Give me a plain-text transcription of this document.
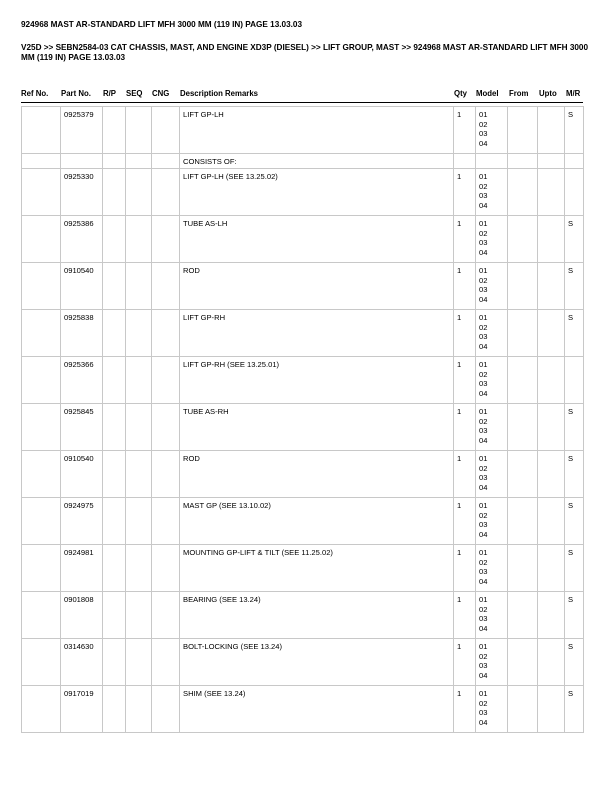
924968 MAST AR-STANDARD LIFT MFH 3000 MM (119 IN) PAGE 13.03.03
V25D >> SEBN2584-03 CAT CHASSIS, MAST, AND ENGINE XD3P (DIESEL) >> LIFT GROUP, MAST >> 924968 MAST AR-STANDARD LIFT MFH 3000 MM (119 IN) PAGE 13.03.03
Ref No. Part No. R/P SEQ CNG Description Remarks	Qty Model From Upto M/R
	0925379				LIFT GP-LH	1	01
02
03
04			S
					CONSISTS OF:					
	0925330				LIFT GP-LH (SEE 13.25.02)	1	01
02
03
04			

	0925386				TUBE AS-LH	1	01
02
03
04			S
	0910540				ROD	1	01
02
03
04			S
	0925838				LIFT GP-RH	1	01
02
03
04			S
	0925366				LIFT GP-RH (SEE 13.25.01)	1	01
02
03
04			

	0925845				TUBE AS-RH	1	01
02
03
04			S
	0910540				ROD	1	01
02
03
04			S
	0924975				MAST GP (SEE 13.10.02)	1	01
02
03
04			S
	0924981				MOUNTING GP-LIFT & TILT (SEE 11.25.02)	1	01
02
03
04			S
	0901808				BEARING (SEE 13.24)	1	01
02
03
04			S
	0314630				BOLT-LOCKING (SEE 13.24)	1	01
02
03
04			S
	0917019				SHIM (SEE 13.24)	1	01
02
03
04			S
